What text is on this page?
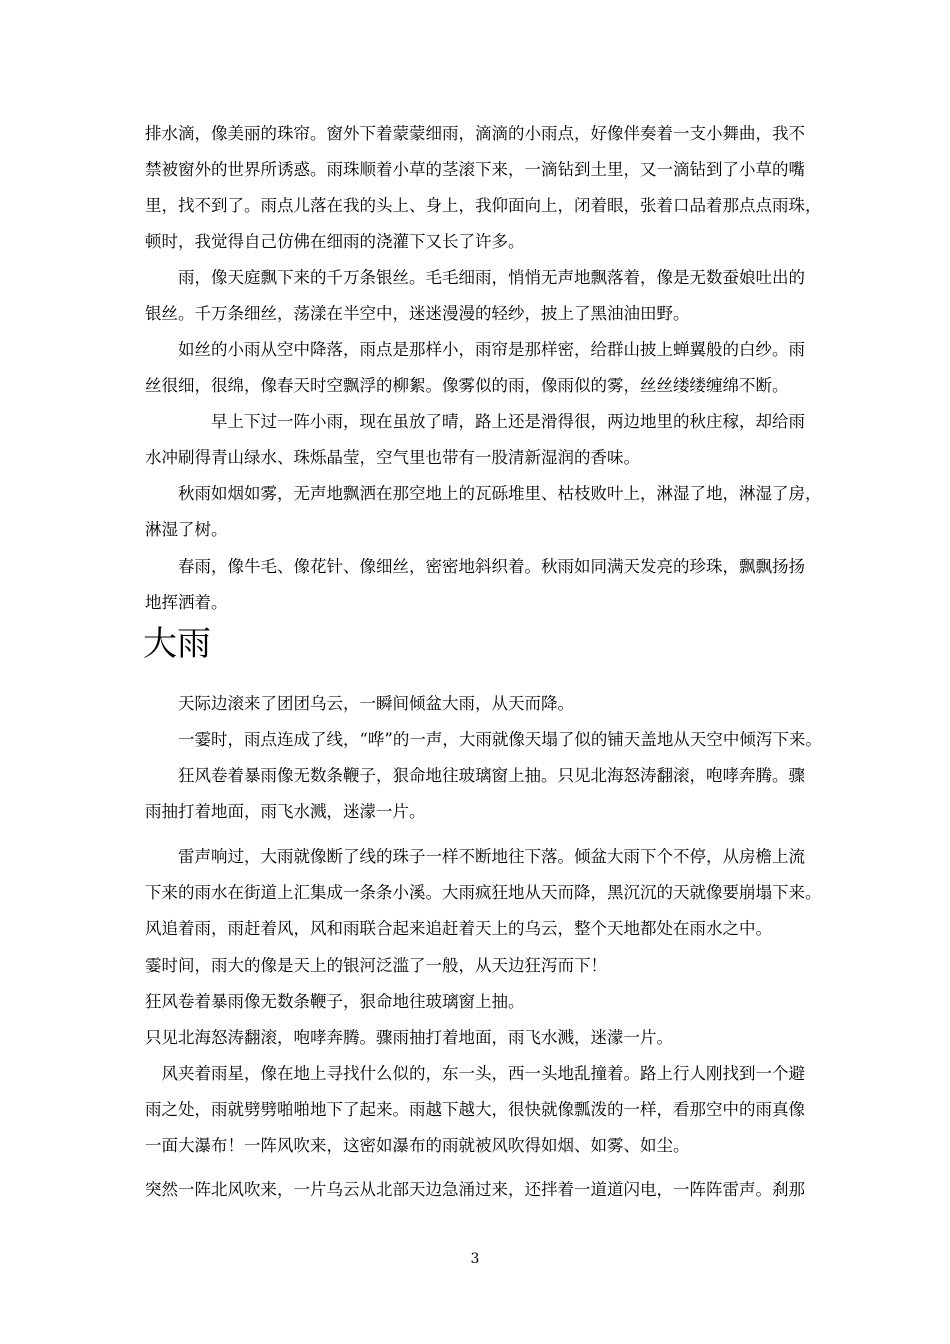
排水滴，像美丽的珠帘。窗外下着蒙蒙细雨，滴滴的小雨点，好像伴奏着一支小舞曲，我不
禁被窗外的世界所诱惑。雨珠顺着小草的茎滚下来，一滴钻到土里，又一滴钻到了小草的嘴
里，找不到了。雨点儿落在我的头上、身上，我仰面向上，闭着眼，张着口品着那点点雨珠，
顿时，我觉得自己仿佛在细雨的浇灌下又长了许多。
　　雨，像天庭飘下来的千万条银丝。毛毛细雨，悄悄无声地飘落着，像是无数蚕娘吐出的
银丝。千万条细丝，荡漾在半空中，迷迷漫漫的轻纱，披上了黑油油田野。
　　如丝的小雨从空中降落，雨点是那样小，雨帘是那样密，给群山披上蝉翼般的白纱。雨
丝很细，很绵，像春天时空飘浮的柳絮。像雾似的雨，像雨似的雾，丝丝缕缕缠绵不断。
　　　　早上下过一阵小雨，现在虽放了晴，路上还是滑得很，两边地里的秋庄稼，却给雨
水冲刷得青山绿水、珠烁晶莹，空气里也带有一股清新湿润的香味。
　　秋雨如烟如雾，无声地飘洒在那空地上的瓦砾堆里、枯枝败叶上，淋湿了地，淋湿了房，
淋湿了树。
　　春雨，像牛毛、像花针、像细丝，密密地斜织着。秋雨如同满天发亮的珍珠，飘飘扬扬
地挥洒着。
大雨
　　天际边滚来了团团乌云，一瞬间倾盆大雨，从天而降。
　　一霎时，雨点连成了线，“哗”的一声，大雨就像天塌了似的铺天盖地从天空中倾泻下来。
　　狂风卷着暴雨像无数条鞭子，狠命地往玻璃窗上抽。只见北海怒涛翻滚，咆哮奔腾。骤
雨抽打着地面，雨飞水溅，迷濛一片。
　　雷声响过，大雨就像断了线的珠子一样不断地往下落。倾盆大雨下个不停，从房檐上流
下来的雨水在街道上汇集成一条条小溪。大雨疯狂地从天而降，黑沉沉的天就像要崩塌下来。
风追着雨，雨赶着风，风和雨联合起来追赶着天上的乌云，整个天地都处在雨水之中。
霎时间，雨大的像是天上的银河泛滥了一般，从天边狂泻而下！
狂风卷着暴雨像无数条鞭子，狠命地往玻璃窗上抽。
只见北海怒涛翻滚，咆哮奔腾。骤雨抽打着地面，雨飞水溅，迷濛一片。
　风夹着雨星，像在地上寻找什么似的，东一头，西一头地乱撞着。路上行人刚找到一个避
雨之处，雨就劈劈啪啪地下了起来。雨越下越大，很快就像瓢泼的一样，看那空中的雨真像
一面大瀑布！一阵风吹来，这密如瀑布的雨就被风吹得如烟、如雾、如尘。
突然一阵北风吹来，一片乌云从北部天边急涌过来，还拌着一道道闪电，一阵阵雷声。刹那
3
